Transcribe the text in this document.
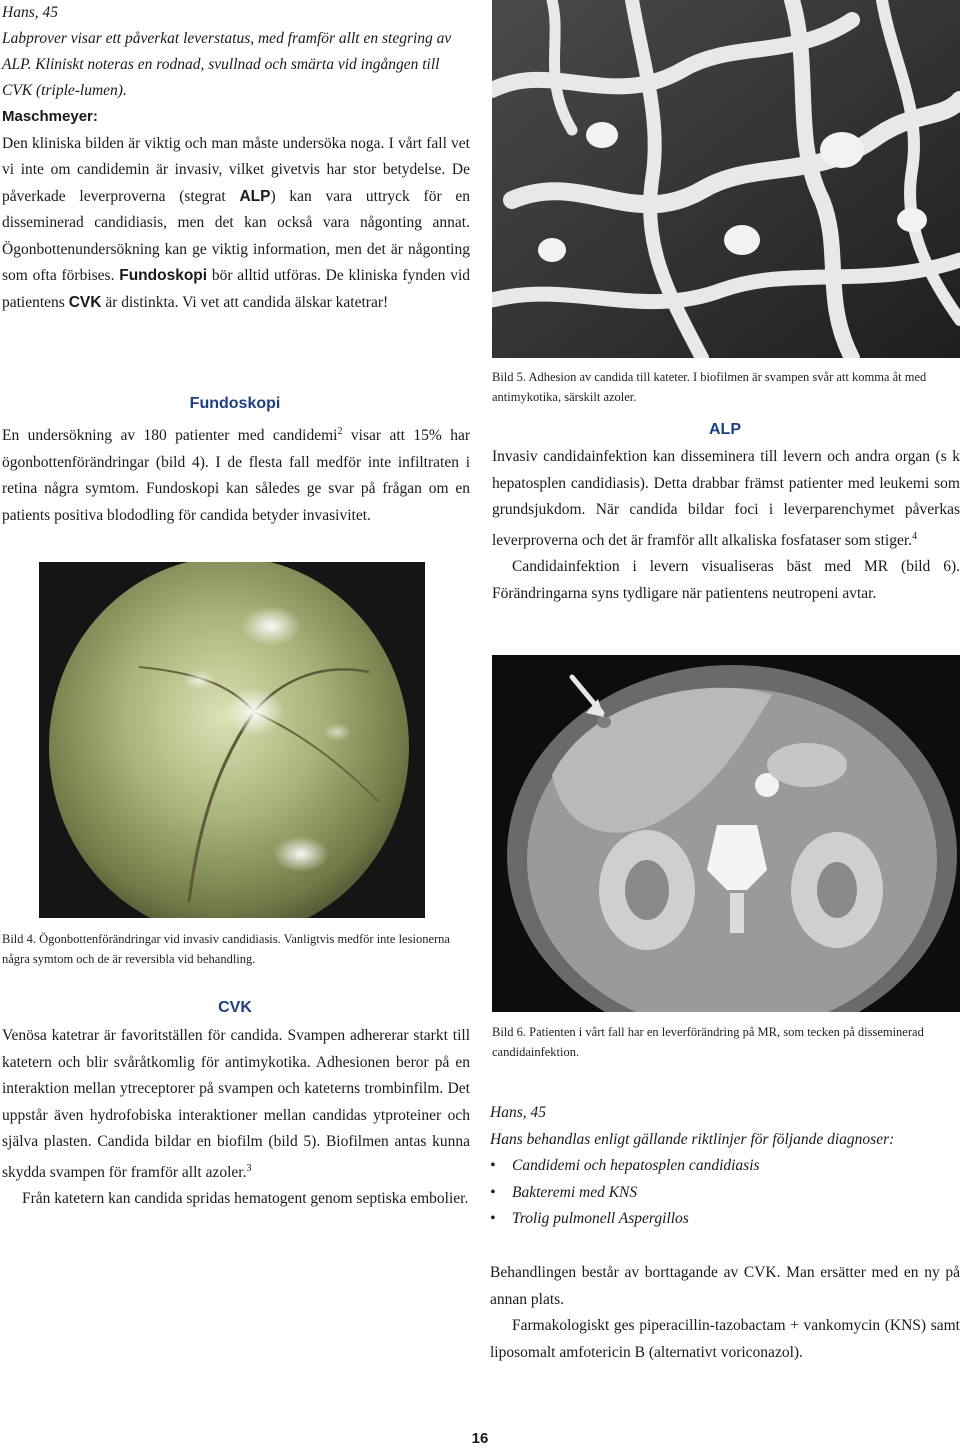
Hans, 45

Labprover visar ett påverkat leverstatus, med framför allt en stegring av ALP. Kliniskt noteras en rodnad, svullnad och smärta vid ingången till CVK (triple-lumen).

Maschmeyer:

Den kliniska bilden är viktig och man måste undersöka noga. I vårt fall vet vi inte om candidemin är invasiv, vilket givetvis har stor betydelse. De påverkade leverproverna (stegrat ALP) kan vara uttryck för en disseminerad candidiasis, men det kan också vara någonting annat. Ögonbottenundersökning kan ge viktig information, men det är någonting som ofta förbises. Fundoskopi bör alltid utföras. De kliniska fynden vid patientens CVK är distinkta. Vi vet att candida älskar katetrar!

Fundoskopi

En undersökning av 180 patienter med candidemi$^2$ visar att 15% har ögonbottenförändringar (bild 4). I de flesta fall medför inte infiltraten i retina några symtom. Fundoskopi kan således ge svar på frågan om en patients positiva blododling för candida betyder invasivitet.

Bild 4. Ögonbottenförändringar vid invasiv candidiasis. Vanligtvis medför inte lesionerna några symtom och de är reversibla vid behandling.

CVK

Venösa katetrar är favoritställen för candida. Svampen adhererar starkt till katetern och blir svåråtkomlig för antimykotika. Adhesionen beror på en interaktion mellan ytreceptorer på svampen och kateterns trombinfilm. Det uppstår även hydrofobiska interaktioner mellan candidas ytproteiner och själva plasten. Candida bildar en biofilm (bild 5). Biofilmen antas kunna skydda svampen för framför allt azoler.$^3$

Från katetern kan candida spridas hematogent genom septiska embolier.

Bild 5. Adhesion av candida till kateter. I biofilmen är svampen svår att komma åt med antimykotika, särskilt azoler.

ALP

Invasiv candidainfektion kan disseminera till levern och andra organ (s k hepatosplen candidiasis). Detta drabbar främst patienter med leukemi som grundsjukdom. När candida bildar foci i leverparenchymet påverkas leverproverna och det är framför allt alkaliska fosfataser som stiger.$^4$

Candidainfektion i levern visualiseras bäst med MR (bild 6). Förändringarna syns tydligare när patientens neutropeni avtar.

Bild 6. Patienten i vårt fall har en leverförändring på MR, som tecken på disseminerad candidainfektion.

Hans, 45

Hans behandlas enligt gällande riktlinjer för följande diagnoser:

• Candidemi och hepatosplen candidiasis
• Bakteremi med KNS
• Trolig pulmonell Aspergillos

Behandlingen består av borttagande av CVK. Man ersätter med en ny på annan plats.

Farmakologiskt ges piperacillin-tazobactam + vankomycin (KNS) samt liposomalt amfotericin B (alternativt voriconazol).

16
